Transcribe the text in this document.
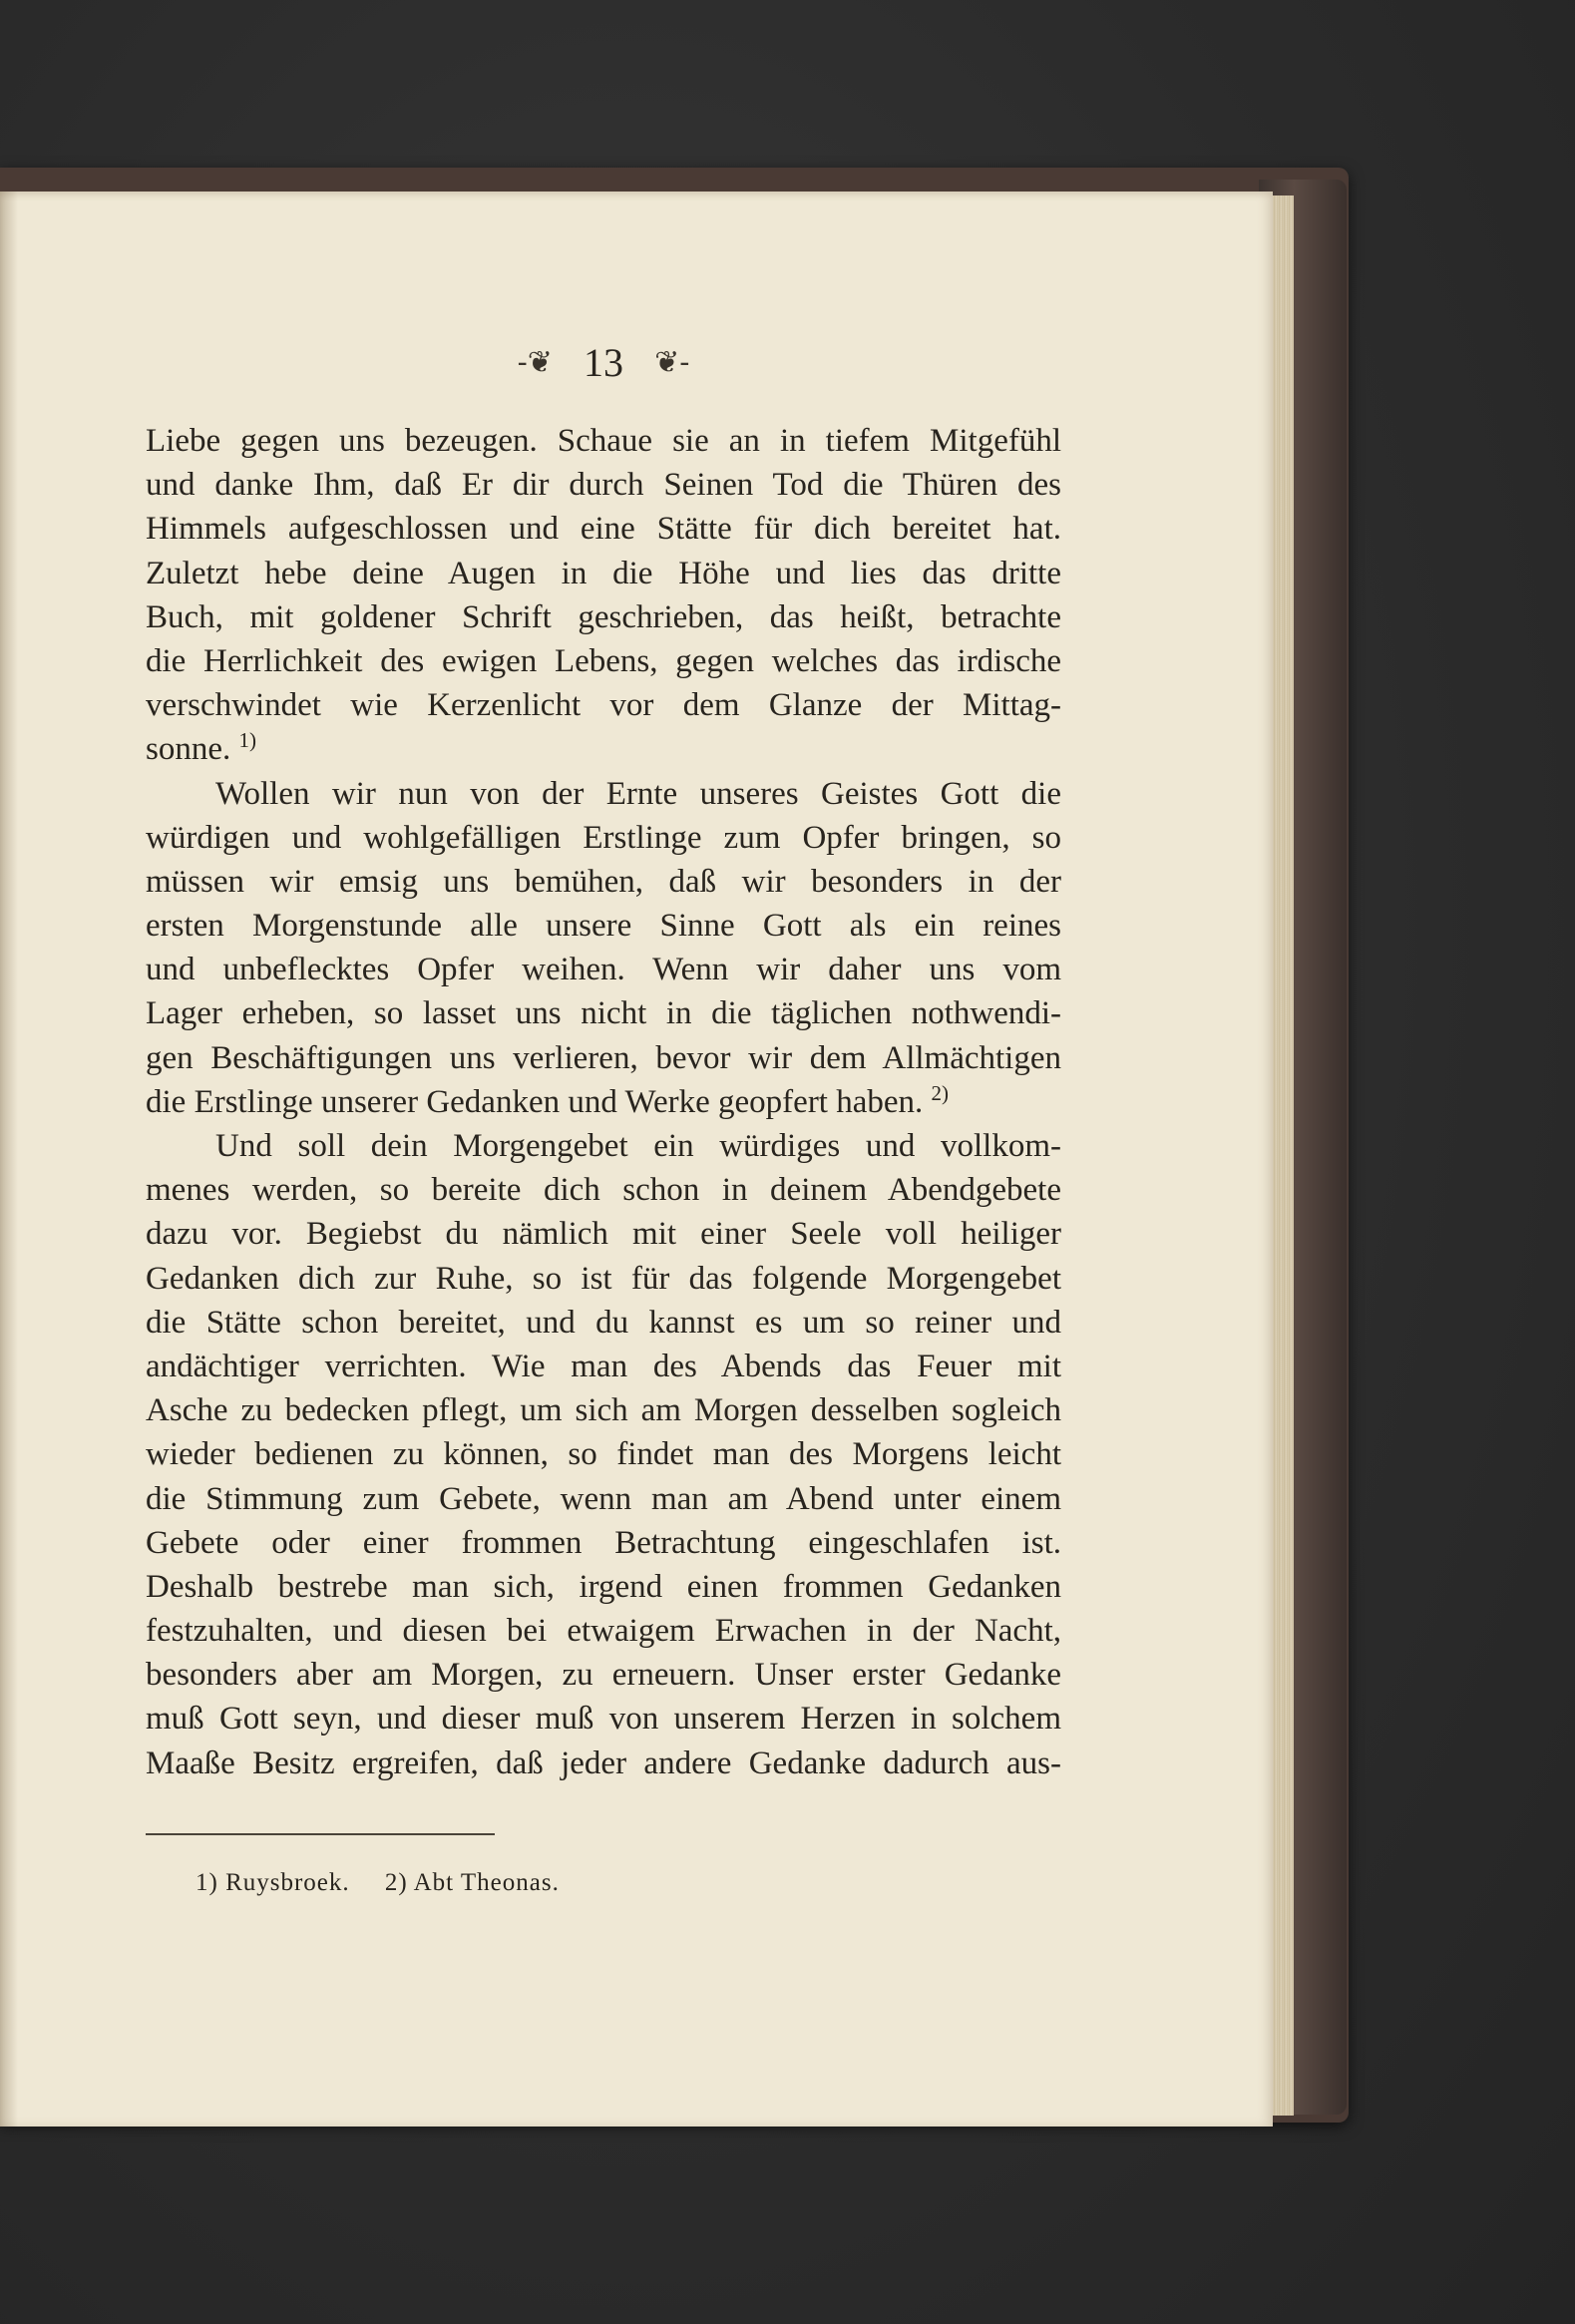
-❦ 13 ❦-
Liebe gegen uns bezeugen. Schaue sie an in tiefem Mitgefühl
und danke Ihm, daß Er dir durch Seinen Tod die Thüren des
Himmels aufgeschlossen und eine Stätte für dich bereitet hat.
Zuletzt hebe deine Augen in die Höhe und lies das dritte
Buch, mit goldener Schrift geschrieben, das heißt, betrachte
die Herrlichkeit des ewigen Lebens, gegen welches das irdische
verschwindet wie Kerzenlicht vor dem Glanze der Mittag-
sonne. $^{1)}$
Wollen wir nun von der Ernte unseres Geistes Gott die
würdigen und wohlgefälligen Erstlinge zum Opfer bringen, so
müssen wir emsig uns bemühen, daß wir besonders in der
ersten Morgenstunde alle unsere Sinne Gott als ein reines
und unbeflecktes Opfer weihen. Wenn wir daher uns vom
Lager erheben, so lasset uns nicht in die täglichen nothwendi-
gen Beschäftigungen uns verlieren, bevor wir dem Allmächtigen
die Erstlinge unserer Gedanken und Werke geopfert haben. $^{2)}$
Und soll dein Morgengebet ein würdiges und vollkom-
menes werden, so bereite dich schon in deinem Abendgebete
dazu vor. Begiebst du nämlich mit einer Seele voll heiliger
Gedanken dich zur Ruhe, so ist für das folgende Morgengebet
die Stätte schon bereitet, und du kannst es um so reiner und
andächtiger verrichten. Wie man des Abends das Feuer mit
Asche zu bedecken pflegt, um sich am Morgen desselben sogleich
wieder bedienen zu können, so findet man des Morgens leicht
die Stimmung zum Gebete, wenn man am Abend unter einem
Gebete oder einer frommen Betrachtung eingeschlafen ist.
Deshalb bestrebe man sich, irgend einen frommen Gedanken
festzuhalten, und diesen bei etwaigem Erwachen in der Nacht,
besonders aber am Morgen, zu erneuern. Unser erster Gedanke
muß Gott seyn, und dieser muß von unserem Herzen in solchem
Maaße Besitz ergreifen, daß jeder andere Gedanke dadurch aus-
1) Ruysbroek. 2) Abt Theonas.
